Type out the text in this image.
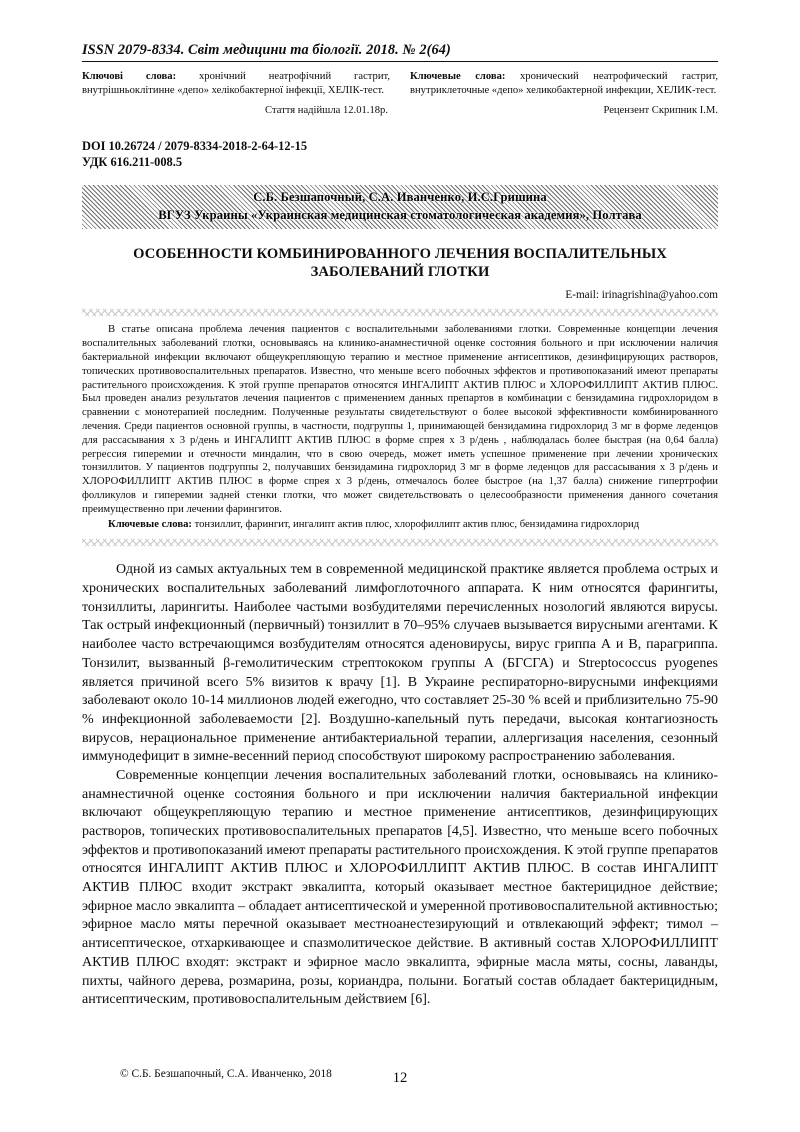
ISSN 2079-8334. Світ медицини та біології. 2018. № 2(64)

Ключові слова: хронічний неатрофічний гастрит, внутрішньоклітинне «депо» хелікобактерної інфекції, ХЕЛІК-тест.

Ключевые слова: хронический неатрофический гастрит, внутриклеточные «депо» хеликобактерной инфекции, ХЕЛИК-тест.

Стаття надійшла 12.01.18р.	Рецензент Скрипник І.М.
DOI 10.26724 / 2079-8334-2018-2-64-12-15
УДК 616.211-008.5
С.Б. Безшапочный, С.А. Иванченко, И.С.Гришина
ВГУЗ Украины «Украинская медицинская стоматологическая академия», Полтава
ОСОБЕННОСТИ КОМБИНИРОВАННОГО ЛЕЧЕНИЯ ВОСПАЛИТЕЛЬНЫХ
ЗАБОЛЕВАНИЙ ГЛОТКИ
E-mail: irinagrishina@yahoo.com

В статье описана проблема лечения пациентов с воспалительными заболеваниями глотки. Современные концепции лечения воспалительных заболеваний глотки, основываясь на клинико-анамнестичной оценке состояния больного и при исключении наличия бактериальной инфекции включают общеукрепляющую терапию и местное применение антисептиков, дезинфицирующих растворов, топических противовоспалительных препаратов. Известно, что меньше всего побочных эффектов и противопоказаний имеют препараты растительного происхождения. К этой группе препаратов относятся ИНГАЛИПТ АКТИВ ПЛЮС и ХЛОРОФИЛЛИПТ АКТИВ ПЛЮС. Был проведен анализ результатов лечения пациентов с применением данных препартов в комбинации с бензидамина гидрохлоридом в сравнении с монотерапией последним. Полученные результаты свидетельствуют о более высокой эффективности комбинированного лечения. Среди пациентов основной группы, в частности, подгруппы 1, принимающей бензидамина гидрохлорид 3 мг в форме леденцов для рассасывания х 3 р/день и ИНГАЛИПТ АКТИВ ПЛЮС в форме спрея х 3 р/день , наблюдалась более быстрая (на 0,64 балла) регрессия гиперемии и отечности миндалин, что в свою очередь, может иметь успешное применение при лечении хронических тонзиллитов. У пациентов подгруппы 2, получавших бензидамина гидрохлорид 3 мг в форме леденцов для рассасывания х 3 р/день и ХЛОРОФИЛЛИПТ АКТИВ ПЛЮС в форме спрея х 3 р/день, отмечалось более быстрое (на 1,37 балла) снижение гипертрофии фолликулов и гиперемии задней стенки глотки, что может свидетельствовать о целесообразности применения данного сочетания преимущественно при лечении фарингитов.

Ключевые слова: тонзиллит, фарингит, ингалипт актив плюс, хлорофиллипт актив плюс, бензидамина гидрохлорид

Одной из самых актуальных тем в современной медицинской практике является проблема острых и хронических воспалительных заболеваний лимфоглоточного аппарата. К ним относятся фарингиты, тонзиллиты, ларингиты. Наиболее частыми возбудителями перечисленных нозологий являются вирусы. Так острый инфекционный (первичный) тонзиллит в 70–95% случаев вызывается вирусными агентами. К наиболее часто встречающимся возбудителям относятся аденовирусы, вирус гриппа А и В, парагриппа. Тонзилит, вызванный β-гемолитическим стрептококом группы А (БГСГА) и Streptococcus pyogenes является причиной всего 5% визитов к врачу [1]. В Украине респираторно-вирусными инфекциями заболевают около 10-14 миллионов людей ежегодно, что составляет 25-30 % всей и приблизительно 75-90 % инфекционной заболеваемости [2]. Воздушно-капельный путь передачи, высокая контагиозность вирусов, нерациональное применение антибактериальной терапии, аллергизация населения, сезонный иммунодефицит в зимне-весенний период способствуют широкому распространению заболевания.

Современные концепции лечения воспалительных заболеваний глотки, основываясь на клинико-анамнестичной оценке состояния больного и при исключении наличия бактериальной инфекции включают общеукрепляющую терапию и местное применение антисептиков, дезинфицирующих растворов, топических противовоспалительных препаратов [4,5]. Известно, что меньше всего побочных эффектов и противопоказаний имеют препараты растительного происхождения. К этой группе препаратов относятся ИНГАЛИПТ АКТИВ ПЛЮС и ХЛОРОФИЛЛИПТ АКТИВ ПЛЮС. В состав ИНГАЛИПТ АКТИВ ПЛЮС входит экстракт эвкалипта, который оказывает местное бактерицидное действие; эфирное масло эвкалипта – обладает антисептической и умеренной противовоспалительной активностью; эфирное масло мяты перечной оказывает местноанестезирующий и отвлекающий эффект; тимол – антисептическое, отхаркивающее и спазмолитическое действие. В активный состав ХЛОРОФИЛЛИПТ АКТИВ ПЛЮС входят: экстракт и эфирное масло эвкалипта, эфирные масла мяты, сосны, лаванды, пихты, чайного дерева, розмарина, розы, кориандра, полыни. Богатый состав обладает бактерицидным, антисептическим, противовоспалительным действием [6].

© С.Б. Безшапочный, С.А. Иванченко, 2018	12
